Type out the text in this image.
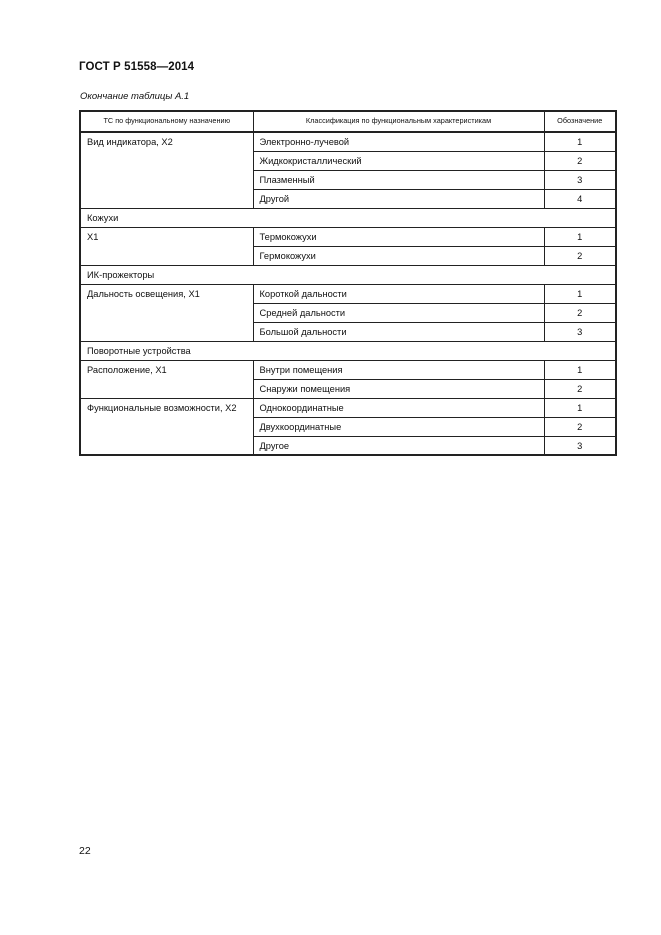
ГОСТ Р 51558—2014
Окончание таблицы А.1
ТС по функциональному назначению	Классификация по функциональным характеристикам	Обозначение
Вид индикатора, Х2	Электронно-лучевой	1
	Жидкокристаллический	2
	Плазменный	3
	Другой	4
Кожухи		
Х1	Термокожухи	1
	Гермокожухи	2
ИК-прожекторы		
Дальность освещения, Х1	Короткой дальности	1
	Средней дальности	2
	Большой дальности	3
Поворотные устройства		
Расположение, Х1	Внутри помещения	1
	Снаружи помещения	2
Функциональные возможности, Х2	Однокоординатные	1
	Двухкоординатные	2
	Другое	3
22
